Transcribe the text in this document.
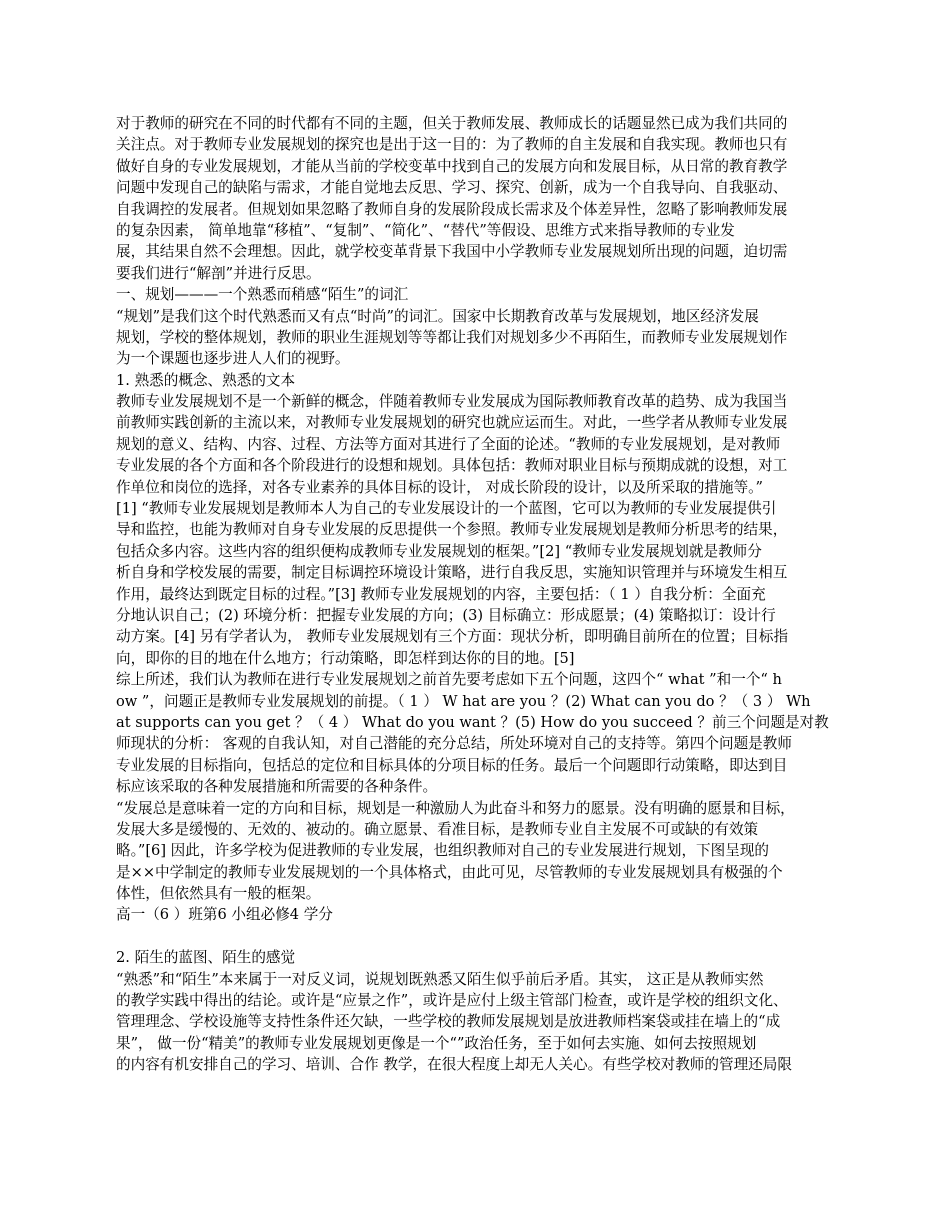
对于教师的研究在不同的时代都有不同的主题，但关于教师发展、教师成长的话题显然已成为我们共同的
关注点。对于教师专业发展规划的探究也是出于这一目的：为了教师的自主发展和自我实现。教师也只有
做好自身的专业发展规划，才能从当前的学校变革中找到自己的发展方向和发展目标，从日常的教育教学
问题中发现自己的缺陷与需求，才能自觉地去反思、学习、探究、创新，成为一个自我导向、自我驱动、
自我调控的发展者。但规划如果忽略了教师自身的发展阶段成长需求及个体差异性，忽略了影响教师发展
的复杂因素， 简单地靠“移植”、“复制”、“简化”、“替代”等假设、思维方式来指导教师的专业发
展，其结果自然不会理想。因此，就学校变革背景下我国中小学教师专业发展规划所出现的问题，迫切需
要我们进行“解剖”并进行反思。
一、规划———一个熟悉而稍感“陌生”的词汇
“规划”是我们这个时代熟悉而又有点“时尚”的词汇。国家中长期教育改革与发展规划，地区经济发展
规划，学校的整体规划，教师的职业生涯规划等等都让我们对规划多少不再陌生，而教师专业发展规划作
为一个课题也逐步进人人们的视野。
1. 熟悉的概念、熟悉的文本
教师专业发展规划不是一个新鲜的概念，伴随着教师专业发展成为国际教师教育改革的趋势、成为我国当
前教师实践创新的主流以来，对教师专业发展规划的研究也就应运而生。对此，一些学者从教师专业发展
规划的意义、结构、内容、过程、方法等方面对其进行了全面的论述。“教师的专业发展规划，是对教师
专业发展的各个方面和各个阶段进行的设想和规划。具体包括：教师对职业目标与预期成就的设想，对工
作单位和岗位的选择，对各专业素养的具体目标的设计， 对成长阶段的设计，以及所采取的措施等。”
[1] “教师专业发展规划是教师本人为自己的专业发展设计的一个蓝图，它可以为教师的专业发展提供引
导和监控，也能为教师对自身专业发展的反思提供一个参照。教师专业发展规划是教师分析思考的结果，
包括众多内容。这些内容的组织便构成教师专业发展规划的框架。”[2] “教师专业发展规划就是教师分
析自身和学校发展的需要，制定目标调控环境设计策略，进行自我反思，实施知识管理并与环境发生相互
作用，最终达到既定目标的过程。”[3] 教师专业发展规划的内容，主要包括：（ 1 ）自我分析：全面充
分地认识自己；(2) 环境分析：把握专业发展的方向；(3) 目标确立：形成愿景；(4) 策略拟订：设计行
动方案。[4] 另有学者认为， 教师专业发展规划有三个方面：现状分析，即明确目前所在的位置；目标指
向，即你的目的地在什么地方；行动策略，即怎样到达你的目的地。[5]
综上所述，我们认为教师在进行专业发展规划之前首先要考虑如下五个问题，这四个“ what ”和一个“ h
ow ”，问题正是教师专业发展规划的前提。（ 1 ） W hat are you ？(2) What can you do ？（ 3 ） Wh
at supports can you get ？（ 4 ） What do you want ？(5) How do you succeed ？前三个问题是对教
师现状的分析： 客观的自我认知，对自己潜能的充分总结，所处环境对自己的支持等。第四个问题是教师
专业发展的目标指向，包括总的定位和目标具体的分项目标的任务。最后一个问题即行动策略，即达到目
标应该采取的各种发展措施和所需要的各种条件。
“发展总是意味着一定的方向和目标，规划是一种激励人为此奋斗和努力的愿景。没有明确的愿景和目标，
发展大多是缓慢的、无效的、被动的。确立愿景、看准目标，是教师专业自主发展不可或缺的有效策
略。”[6] 因此，许多学校为促进教师的专业发展，也组织教师对自己的专业发展进行规划，下图呈现的
是××中学制定的教师专业发展规划的一个具体格式，由此可见，尽管教师的专业发展规划具有极强的个
体性，但依然具有一般的框架。
高一（6 ）班第6 小组必修4 学分
2. 陌生的蓝图、陌生的感觉
“熟悉”和“陌生”本来属于一对反义词，说规划既熟悉又陌生似乎前后矛盾。其实， 这正是从教师实然
的教学实践中得出的结论。或许是“应景之作”，或许是应付上级主管部门检查，或许是学校的组织文化、
管理理念、学校设施等支持性条件还欠缺，一些学校的教师发展规划是放进教师档案袋或挂在墙上的“成
果”， 做一份“精美”的教师专业发展规划更像是一个“”政治任务，至于如何去实施、如何去按照规划
的内容有机安排自己的学习、培训、合作 教学，在很大程度上却无人关心。有些学校对教师的管理还局限
